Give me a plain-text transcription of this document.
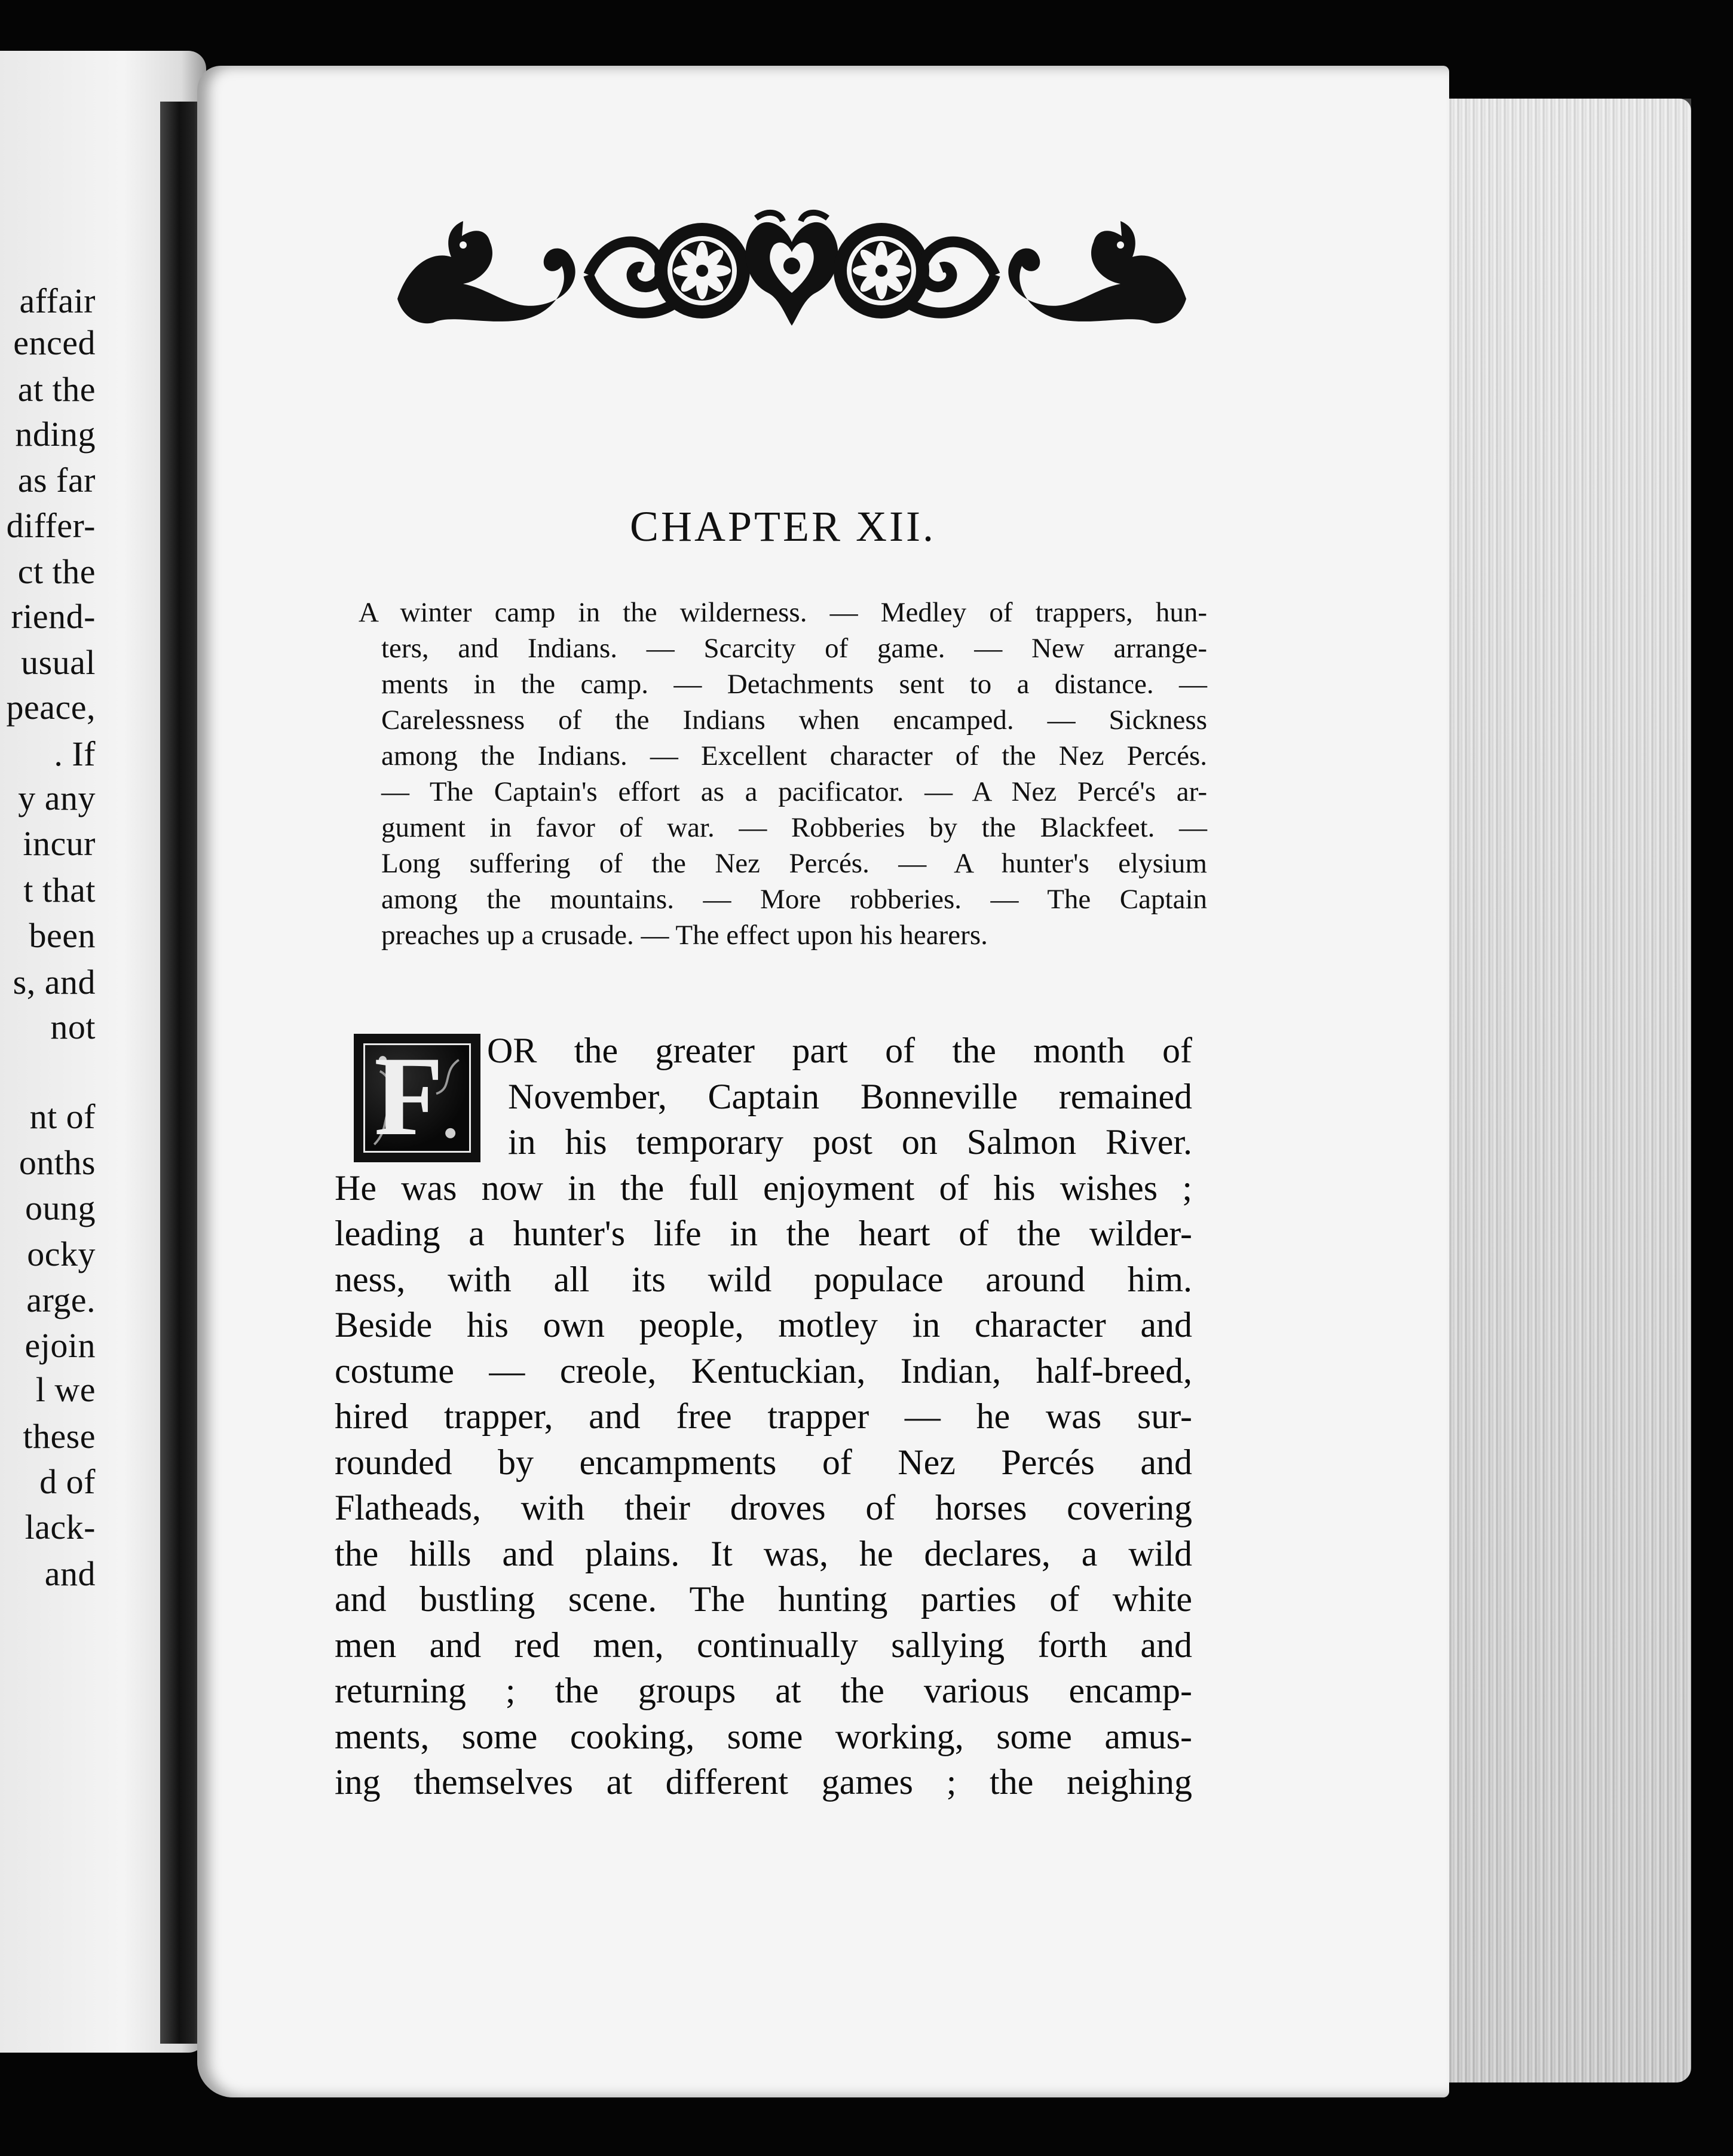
affair
enced
at the
nding
as far
differ-
ct the
riend-
usual
peace,
. If
y any
incur
t that
been
s, and
not
nt of
onths
oung
ocky
arge.
ejoin
l we
these
d of
lack-
and
CHAPTER XII.
A winter camp in the wilderness. — Medley of trappers, hun-
ters, and Indians. — Scarcity of game. — New arrange-
ments in the camp. — Detachments sent to a distance. —
Carelessness of the Indians when encamped. — Sickness
among the Indians. — Excellent character of the Nez Percés.
— The Captain's effort as a pacificator. — A Nez Percé's ar-
gument in favor of war. — Robberies by the Blackfeet. —
Long suffering of the Nez Percés. — A hunter's elysium
among the mountains. — More robberies. — The Captain
preaches up a crusade. — The effect upon his hearers.
F OR the greater part of the month of
November, Captain Bonneville remained
in his temporary post on Salmon River.
He was now in the full enjoyment of his wishes ;
leading a hunter's life in the heart of the wilder-
ness, with all its wild populace around him.
Beside his own people, motley in character and
costume — creole, Kentuckian, Indian, half-breed,
hired trapper, and free trapper — he was sur-
rounded by encampments of Nez Percés and
Flatheads, with their droves of horses covering
the hills and plains. It was, he declares, a wild
and bustling scene. The hunting parties of white
men and red men, continually sallying forth and
returning ; the groups at the various encamp-
ments, some cooking, some working, some amus-
ing themselves at different games ; the neighing
